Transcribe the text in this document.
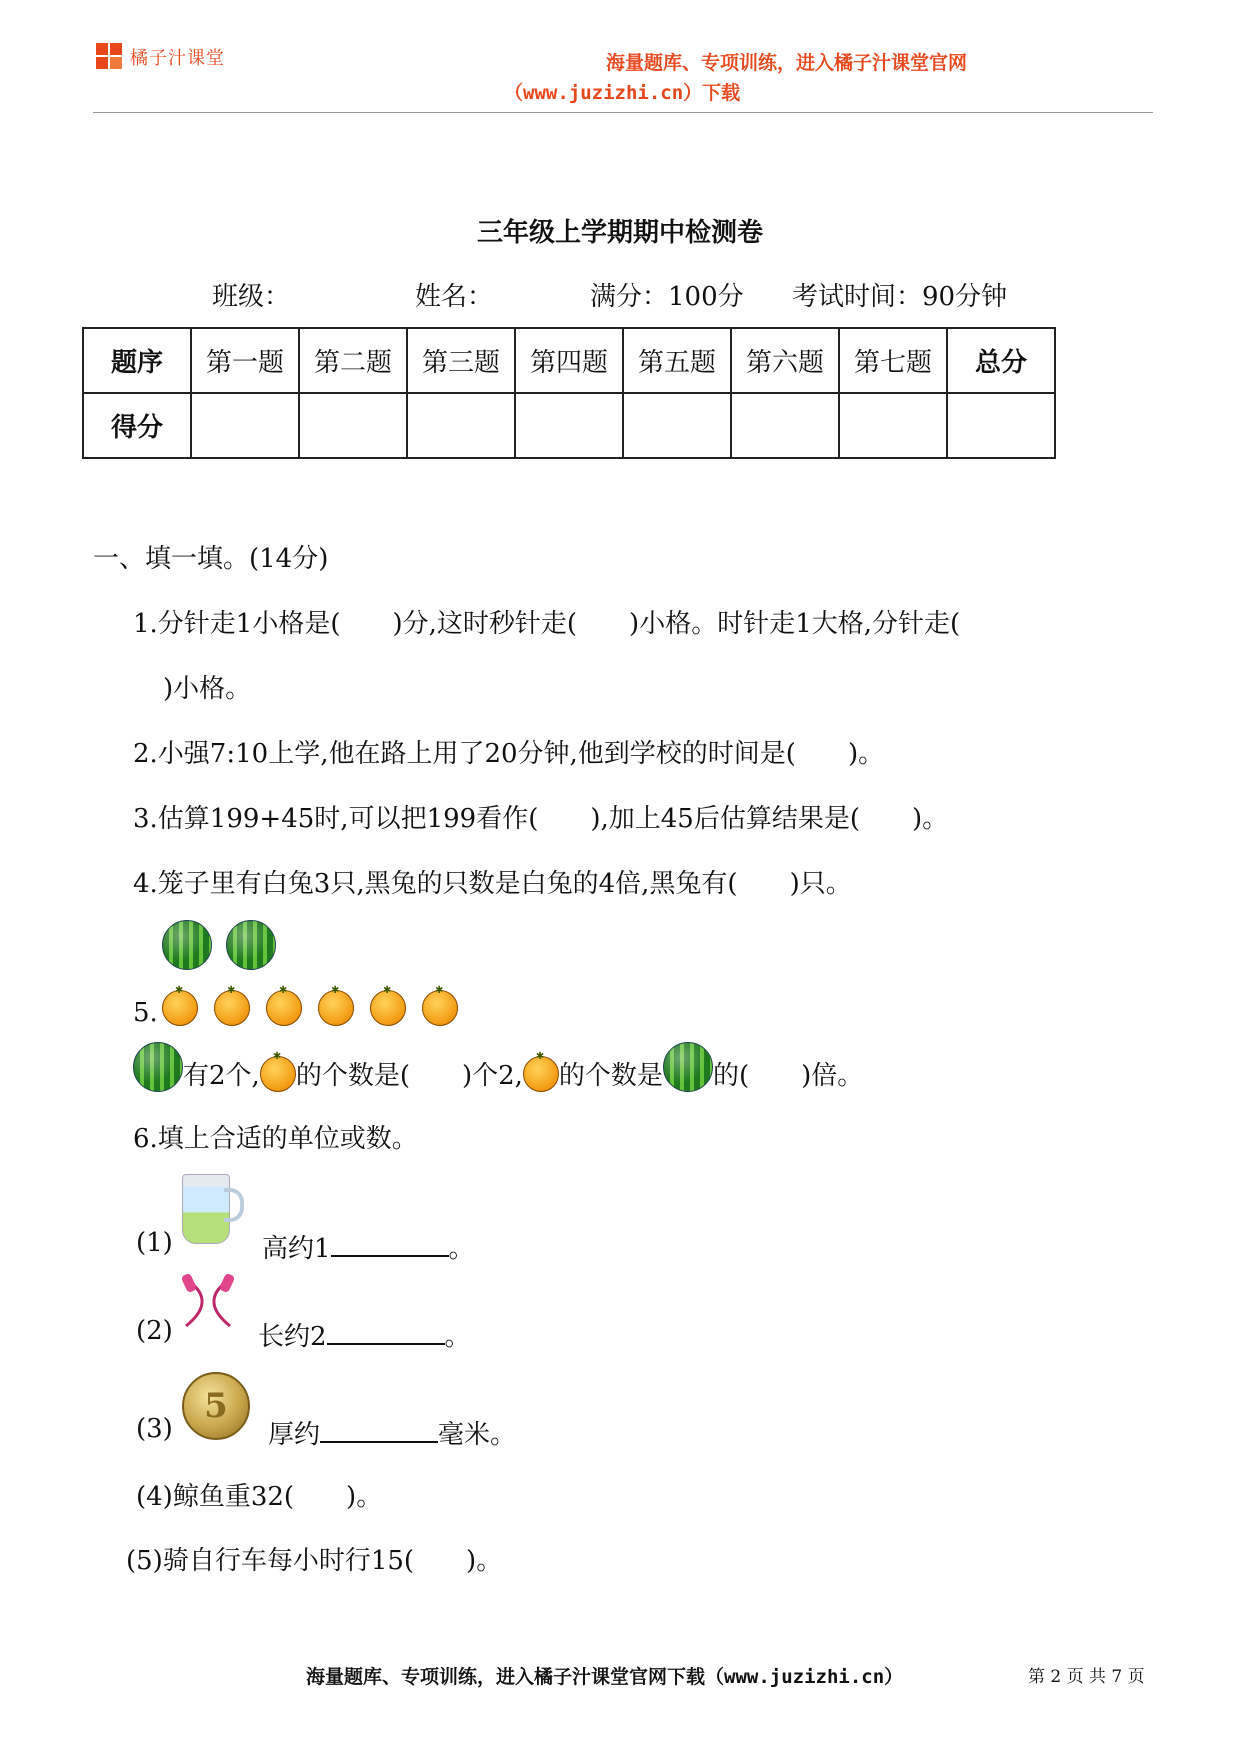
橘子汁课堂	海量题库、专项训练，进入橘子汁课堂官网
（www.juzizhi.cn）下载
三年级上学期期中检测卷
班级：	姓名：	满分：100分 考试时间：90分钟
题序	第一题	第二题	第三题	第四题	第五题	第六题	第七题	总分
得分								
一、填一填。(14分)
1.分针走1小格是(　　)分,这时秒针走(　　)小格。时针走1大格,分针走(
)小格。
2.小强7:10上学,他在路上用了20分钟,他到学校的时间是(　　)。
3.估算199+45时,可以把199看作(　　),加上45后估算结果是(　　)。
4.笼子里有白兔3只,黑兔的只数是白兔的4倍,黑兔有(　　)只。
5.
✱
✱
✱
✱
✱
✱
有2个, ✱ 的个数是(　　)个2, ✱ 的个数是 的(　　)倍。
6.填上合适的单位或数。
(1)	高约1	。
(2)	长约2	。
(3)
5
厚约	毫米。
(4)鲸鱼重32(　　)。
(5)骑自行车每小时行15(　　)。
海量题库、专项训练，进入橘子汁课堂官网下载（www.juzizhi.cn）	第 2 页 共 7 页
